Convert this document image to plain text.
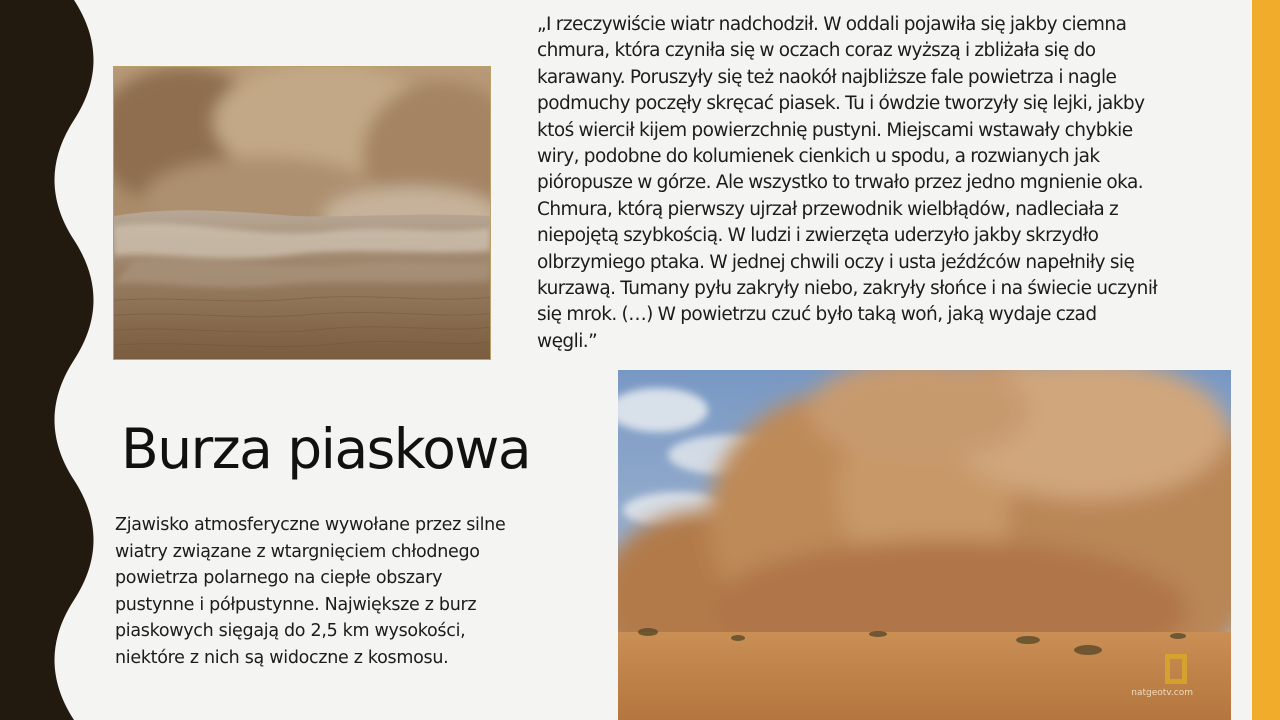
„I rzeczywiście wiatr nadchodził. W oddali pojawiła się jakby ciemna
chmura, która czyniła się w oczach coraz wyższą i zbliżała się do
karawany. Poruszyły się też naokół najbliższe fale powietrza i nagle
podmuchy poczęły skręcać piasek. Tu i ówdzie tworzyły się lejki, jakby
ktoś wiercił kijem powierzchnię pustyni. Miejscami wstawały chybkie
wiry, podobne do kolumienek cienkich u spodu, a rozwianych jak
pióropusze w górze. Ale wszystko to trwało przez jedno mgnienie oka.
Chmura, którą pierwszy ujrzał przewodnik wielbłądów, nadleciała z
niepojętą szybkością. W ludzi i zwierzęta uderzyło jakby skrzydło
olbrzymiego ptaka. W jednej chwili oczy i usta jeźdźców napełniły się
kurzawą. Tumany pyłu zakryły niebo, zakryły słońce i na świecie uczynił
się mrok. (…) W powietrzu czuć było taką woń, jaką wydaje czad
węgli.”

natgeotv.com
Burza piaskowa

Zjawisko atmosferyczne wywołane przez silne
wiatry związane z wtargnięciem chłodnego
powietrza polarnego na ciepłe obszary
pustynne i półpustynne. Największe z burz
piaskowych sięgają do 2,5 km wysokości,
niektóre z nich są widoczne z kosmosu.
